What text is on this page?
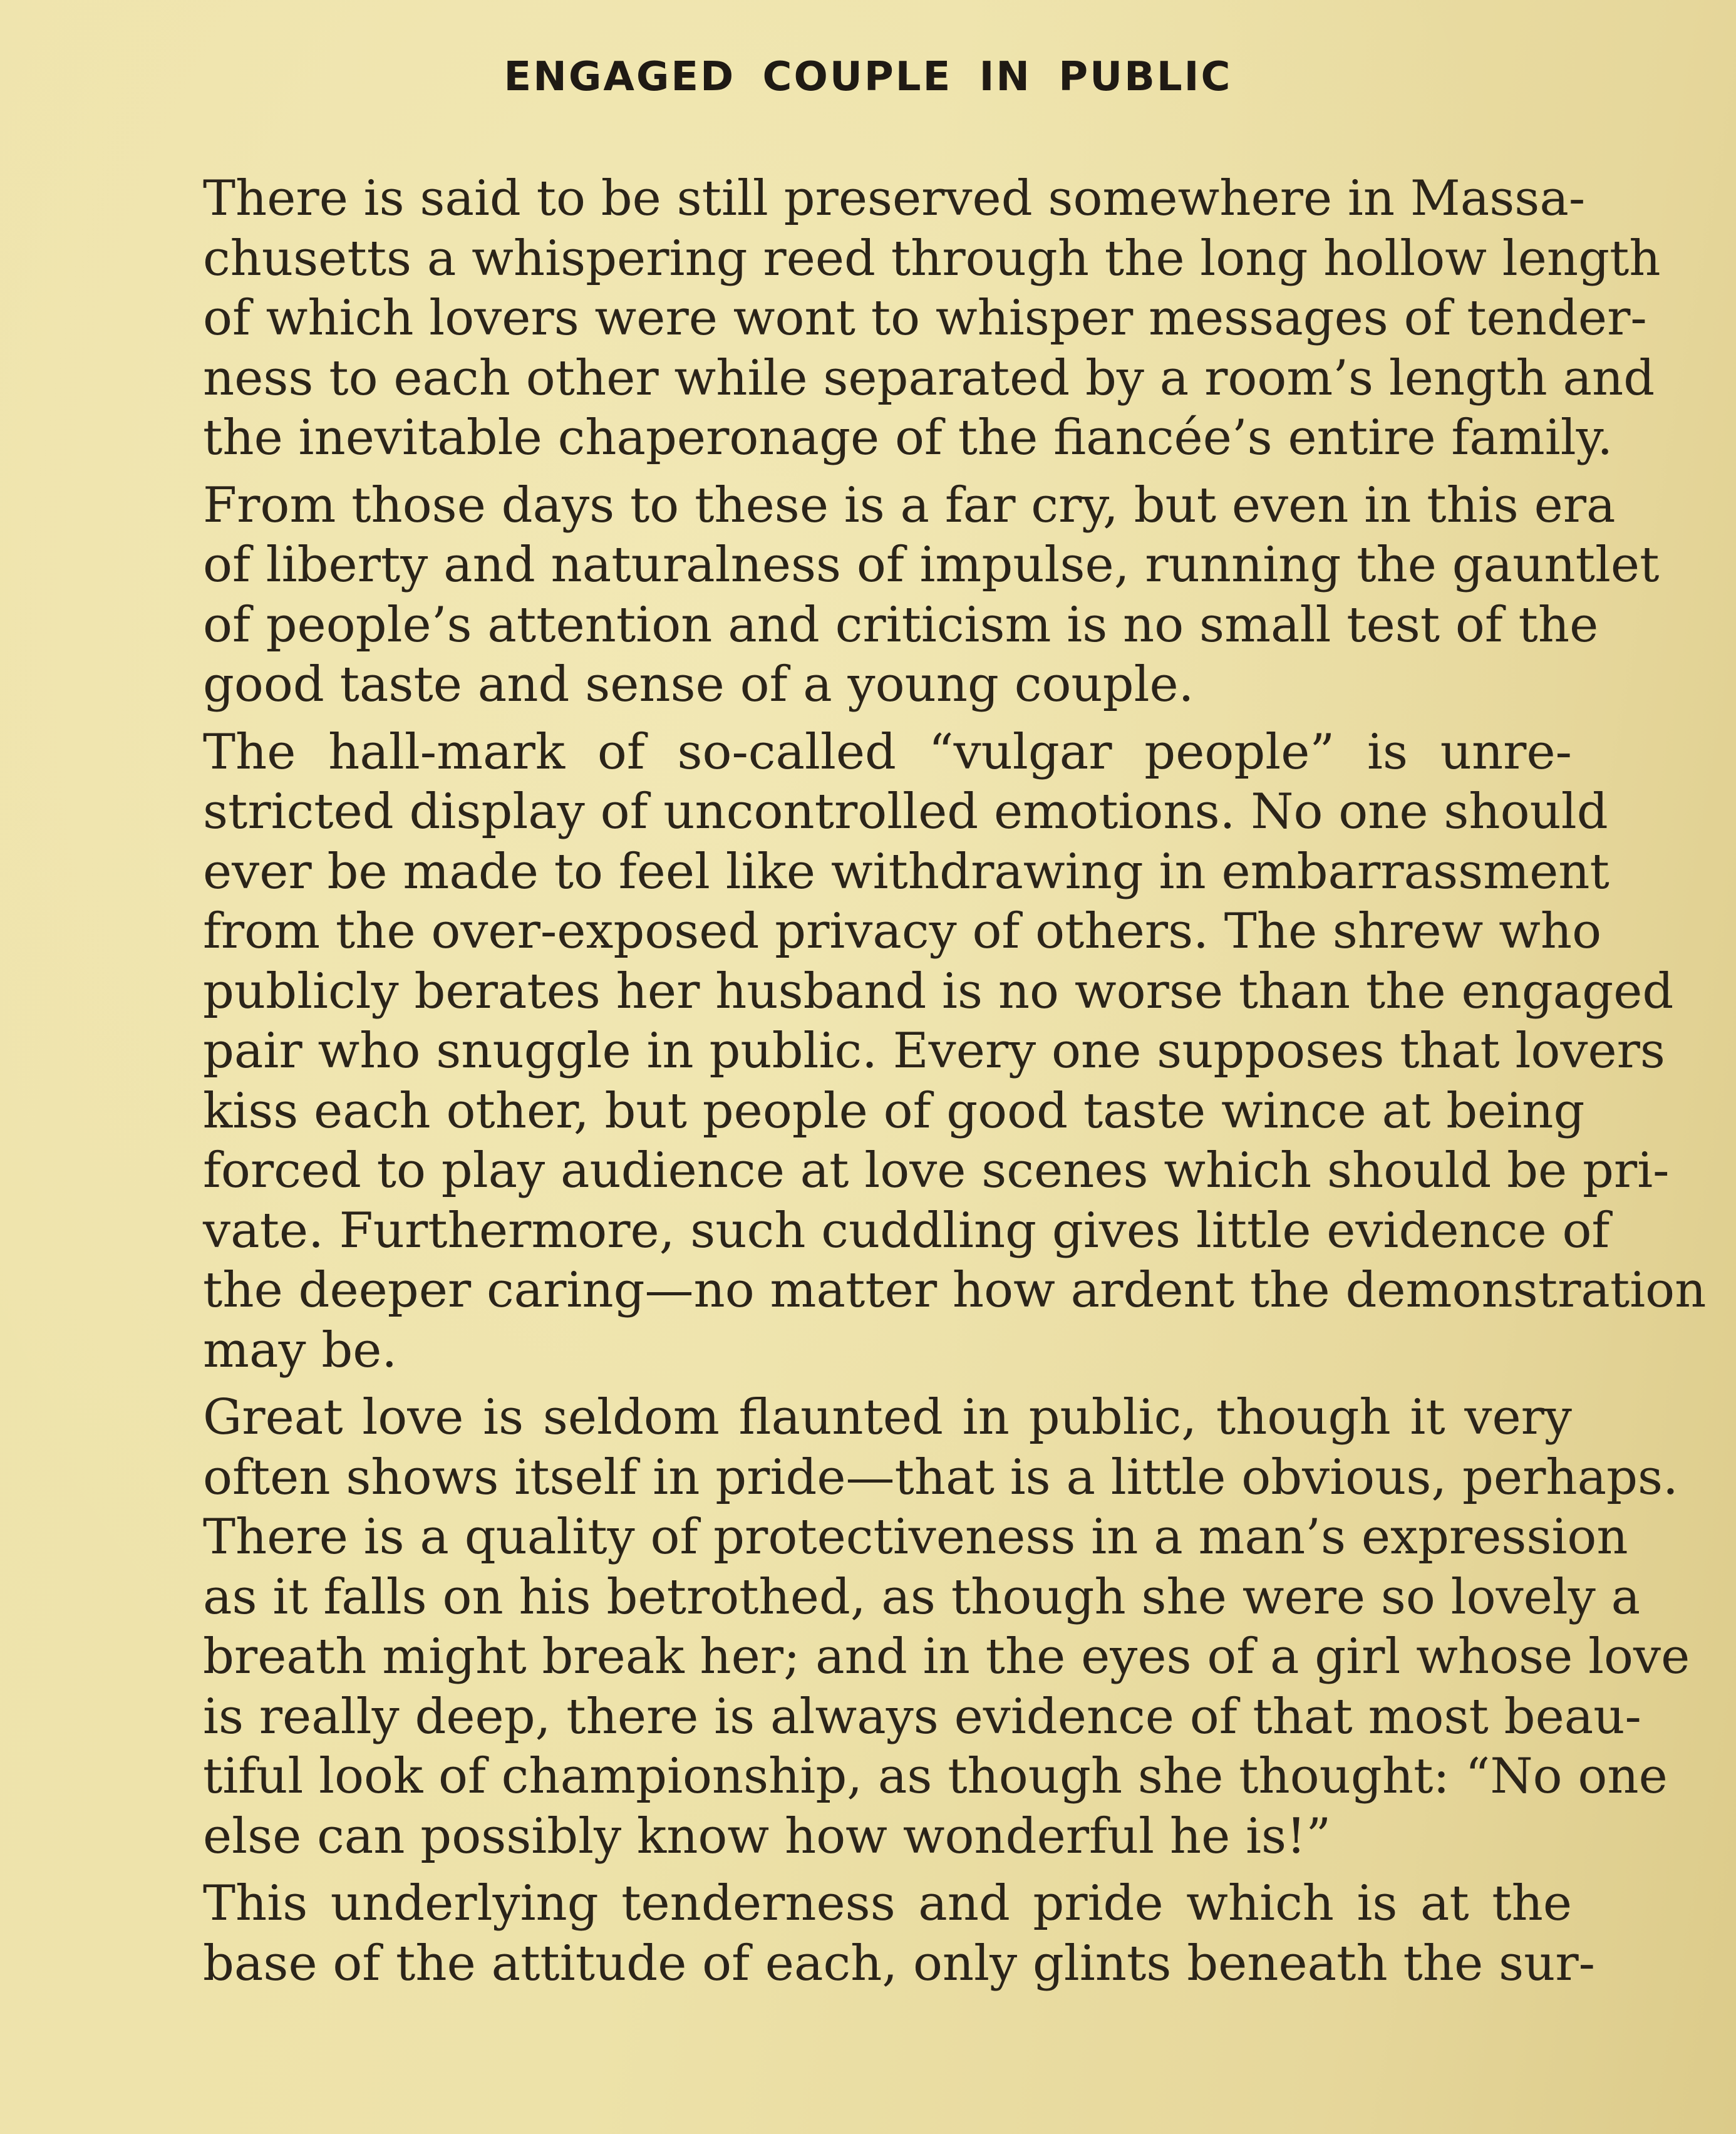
ENGAGED COUPLE IN PUBLIC

There is said to be still preserved somewhere in Massa-
chusetts a whispering reed through the long hollow length
of which lovers were wont to whisper messages of tender-
ness to each other while separated by a room’s length and
the inevitable chaperonage of the fiancée’s entire family.

From those days to these is a far cry, but even in this era
of liberty and naturalness of impulse, running the gauntlet
of people’s attention and criticism is no small test of the
good taste and sense of a young couple.

The hall-mark of so-called “vulgar people” is unre-
stricted display of uncontrolled emotions. No one should
ever be made to feel like withdrawing in embarrassment
from the over-exposed privacy of others. The shrew who
publicly berates her husband is no worse than the engaged
pair who snuggle in public. Every one supposes that lovers
kiss each other, but people of good taste wince at being
forced to play audience at love scenes which should be pri-
vate. Furthermore, such cuddling gives little evidence of
the deeper caring—no matter how ardent the demonstration
may be.

Great love is seldom flaunted in public, though it very
often shows itself in pride—that is a little obvious, perhaps.
There is a quality of protectiveness in a man’s expression
as it falls on his betrothed, as though she were so lovely a
breath might break her; and in the eyes of a girl whose love
is really deep, there is always evidence of that most beau-
tiful look of championship, as though she thought: “No one
else can possibly know how wonderful he is!”

This underlying tenderness and pride which is at the
base of the attitude of each, only glints beneath the sur-
